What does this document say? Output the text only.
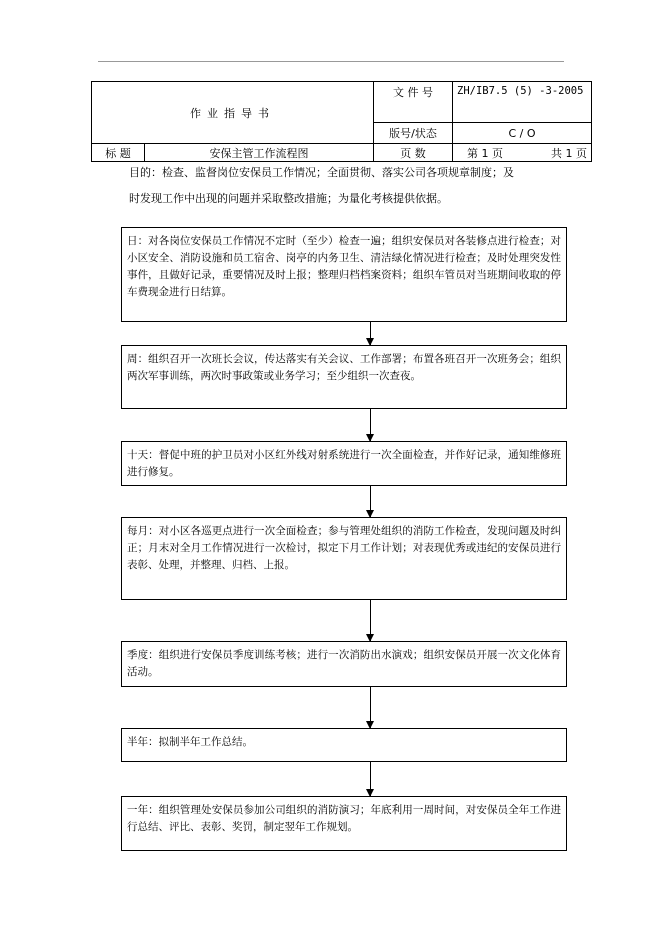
作业指导书		文 件 号	ZH/IB7.5 (5) -3-2005
		版号/状态	C / O
标 题	安保主管工作流程图	页 数	第 1 页 共 1 页
目的：检查、监督岗位安保员工作情况；全面贯彻、落实公司各项规章制度；及
时发现工作中出现的问题并采取整改措施；为量化考核提供依据。
日：对各岗位安保员工作情况不定时（至少）检查一遍；组织安保员对各装修点进行检查；对小区安全、消防设施和员工宿舍、岗亭的内务卫生、清洁绿化情况进行检查；及时处理突发性事件，且做好记录，重要情况及时上报；整理归档档案资料；组织车管员对当班期间收取的停车费现金进行日结算。
周：组织召开一次班长会议，传达落实有关会议、工作部署；布置各班召开一次班务会；组织两次军事训练，两次时事政策或业务学习；至少组织一次查夜。
十天：督促中班的护卫员对小区红外线对射系统进行一次全面检查，并作好记录，通知维修班进行修复。
每月：对小区各巡更点进行一次全面检查；参与管理处组织的消防工作检查，发现问题及时纠正；月末对全月工作情况进行一次检讨，拟定下月工作计划；对表现优秀或违纪的安保员进行表彰、处理，并整理、归档、上报。
季度：组织进行安保员季度训练考核；进行一次消防出水演戏；组织安保员开展一次文化体育活动。
半年：拟制半年工作总结。
一年：组织管理处安保员参加公司组织的消防演习；年底利用一周时间，对安保员全年工作进行总结、评比、表彰、奖罚，制定翌年工作规划。
